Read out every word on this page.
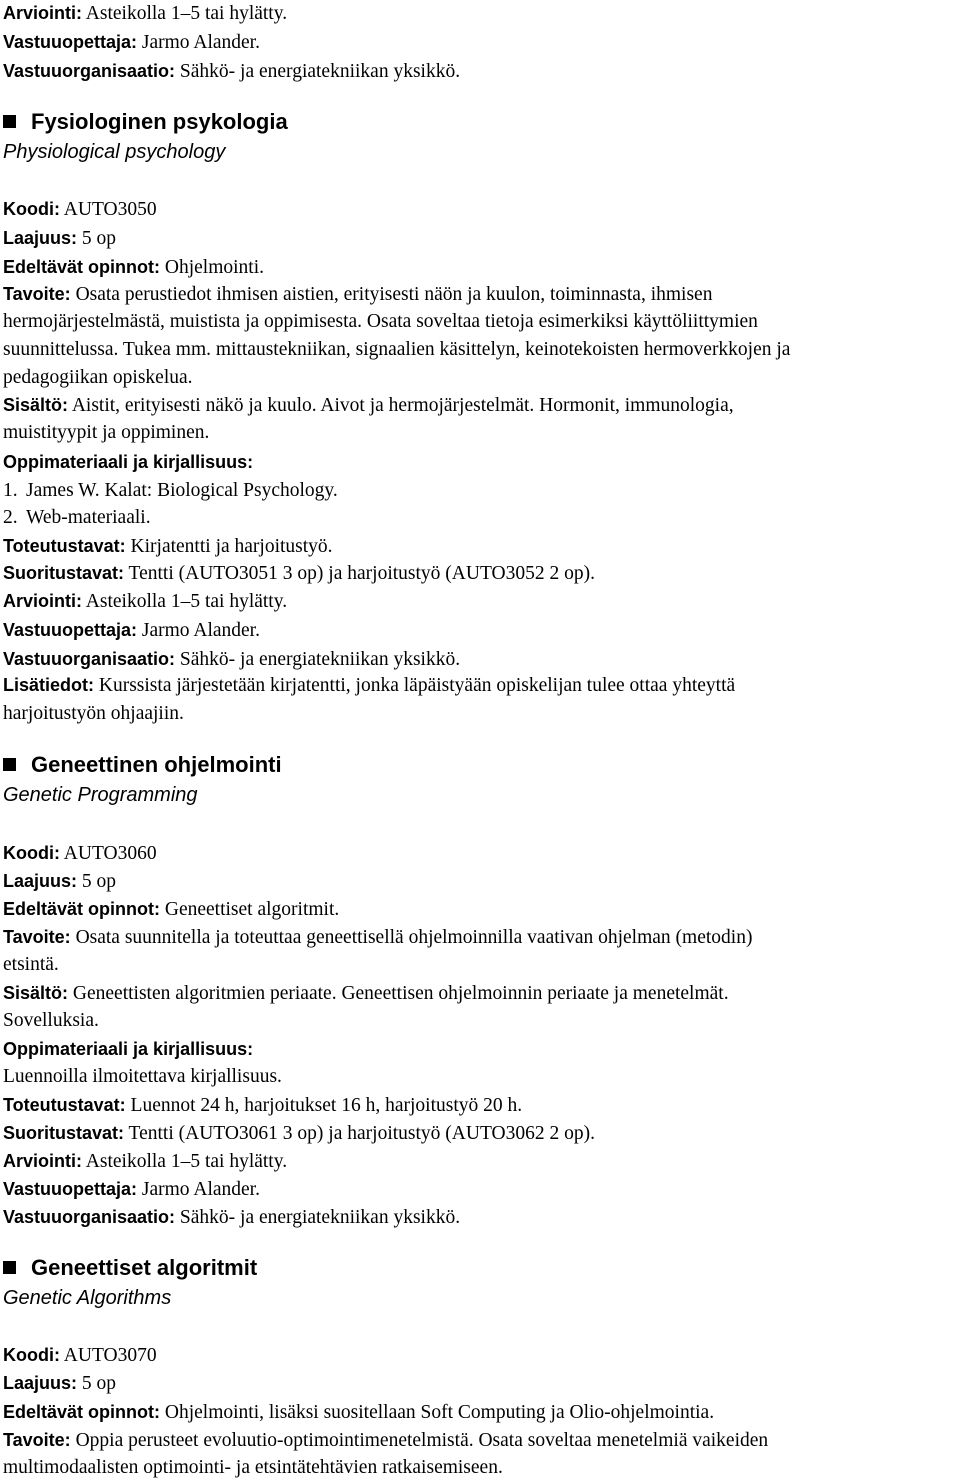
Arviointi: Asteikolla 1–5 tai hylätty.
Vastuuopettaja: Jarmo Alander.
Vastuuorganisaatio: Sähkö- ja energiatekniikan yksikkö.
Fysiologinen psykologia
Physiological psychology
Koodi: AUTO3050
Laajuus: 5 op
Edeltävät opinnot: Ohjelmointi.
Tavoite: Osata perustiedot ihmisen aistien, erityisesti näön ja kuulon, toiminnasta, ihmisen
hermojärjestelmästä, muistista ja oppimisesta. Osata soveltaa tietoja esimerkiksi käyttöliittymien
suunnittelussa. Tukea mm. mittaustekniikan, signaalien käsittelyn, keinotekoisten hermoverkkojen ja
pedagogiikan opiskelua.
Sisältö: Aistit, erityisesti näkö ja kuulo. Aivot ja hermojärjestelmät. Hormonit, immunologia,
muistityypit ja oppiminen.
Oppimateriaali ja kirjallisuus:
1. James W. Kalat: Biological Psychology.
2. Web-materiaali.
Toteutustavat: Kirjatentti ja harjoitustyö.
Suoritustavat: Tentti (AUTO3051 3 op) ja harjoitustyö (AUTO3052 2 op).
Arviointi: Asteikolla 1–5 tai hylätty.
Vastuuopettaja: Jarmo Alander.
Vastuuorganisaatio: Sähkö- ja energiatekniikan yksikkö.
Lisätiedot: Kurssista järjestetään kirjatentti, jonka läpäistyään opiskelijan tulee ottaa yhteyttä
harjoitustyön ohjaajiin.
Geneettinen ohjelmointi
Genetic Programming
Koodi: AUTO3060
Laajuus: 5 op
Edeltävät opinnot: Geneettiset algoritmit.
Tavoite: Osata suunnitella ja toteuttaa geneettisellä ohjelmoinnilla vaativan ohjelman (metodin)
etsintä.
Sisältö: Geneettisten algoritmien periaate. Geneettisen ohjelmoinnin periaate ja menetelmät.
Sovelluksia.
Oppimateriaali ja kirjallisuus:
Luennoilla ilmoitettava kirjallisuus.
Toteutustavat: Luennot 24 h, harjoitukset 16 h, harjoitustyö 20 h.
Suoritustavat: Tentti (AUTO3061 3 op) ja harjoitustyö (AUTO3062 2 op).
Arviointi: Asteikolla 1–5 tai hylätty.
Vastuuopettaja: Jarmo Alander.
Vastuuorganisaatio: Sähkö- ja energiatekniikan yksikkö.
Geneettiset algoritmit
Genetic Algorithms
Koodi: AUTO3070
Laajuus: 5 op
Edeltävät opinnot: Ohjelmointi, lisäksi suositellaan Soft Computing ja Olio-ohjelmointia.
Tavoite: Oppia perusteet evoluutio-optimointimenetelmistä. Osata soveltaa menetelmiä vaikeiden
multimodaalisten optimointi- ja etsintätehtävien ratkaisemiseen.
